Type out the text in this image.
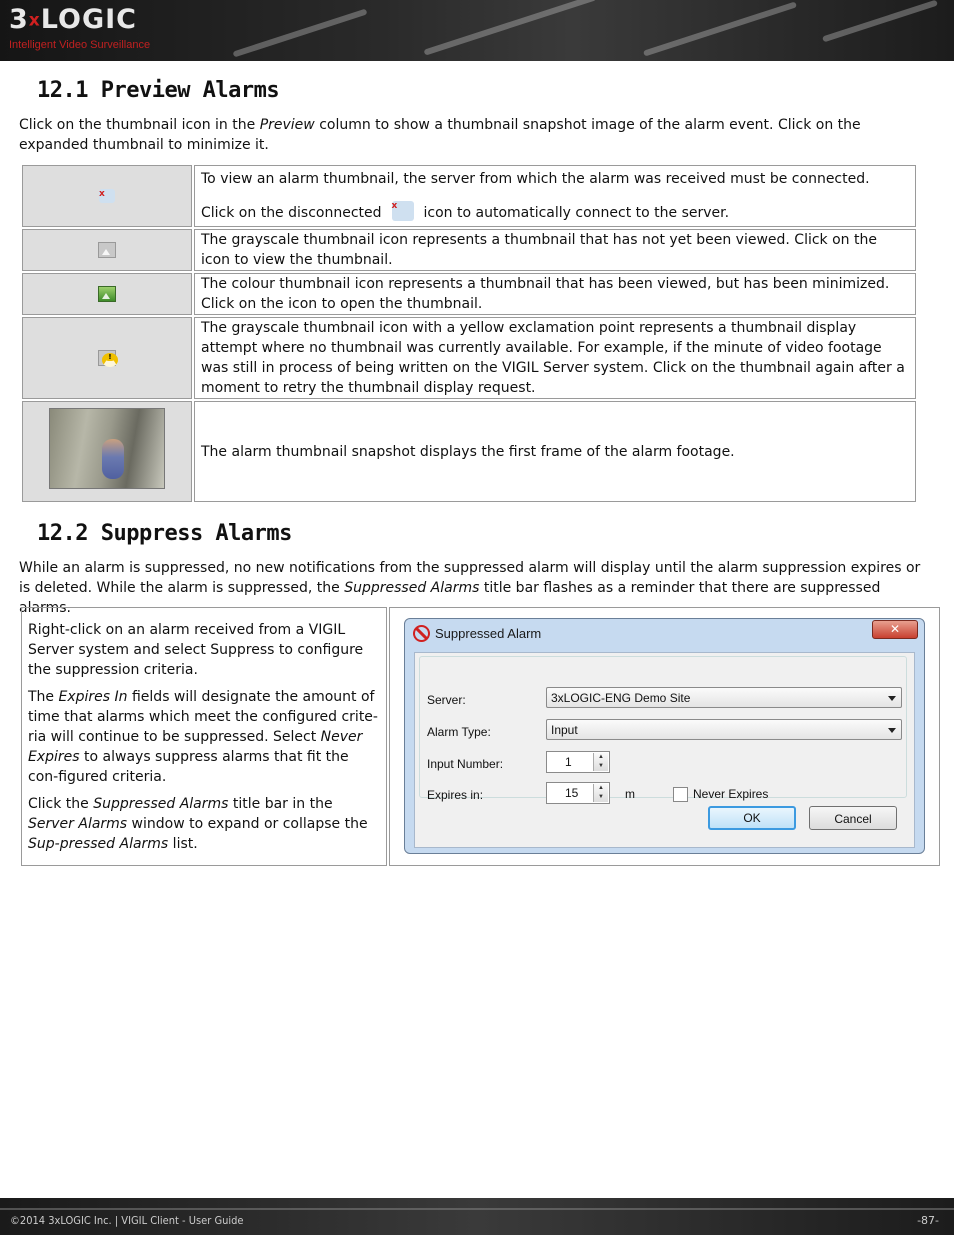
3xLOGIC
Intelligent Video Surveillance
12.1 Preview Alarms

Click on the thumbnail icon in the Preview column to show a thumbnail snapshot image of the alarm event. Click on the expanded thumbnail to minimize it.

x	
To view an alarm thumbnail, the server from which the alarm was received must be connected.
Click on the disconnected x icon to automatically connect to the server.

	The grayscale thumbnail icon represents a thumbnail that has not yet been viewed. Click on the icon to view the thumbnail.
	The colour thumbnail icon represents a thumbnail that has been viewed, but has been minimized. Click on the icon to open the thumbnail.
!	The grayscale thumbnail icon with a yellow exclamation point represents a thumbnail display attempt where no thumbnail was currently available. For example, if the minute of video footage was still in process of being written on the VIGIL Server system. Click on the thumbnail again after a moment to retry the thumbnail display request.

	The alarm thumbnail snapshot displays the first frame of the alarm footage.
12.2 Suppress Alarms

While an alarm is suppressed, no new notifications from the suppressed alarm will display until the alarm suppression expires or is deleted. While the alarm is suppressed, the Suppressed Alarms title bar flashes as a reminder that there are suppressed alarms.

Right-click on an alarm received from a VIGIL Server system and select Suppress to configure the suppression criteria.

The Expires In fields will designate the amount of time that alarms which meet the configured crite-ria will continue to be suppressed. Select Never Expires to always suppress alarms that fit the con-figured criteria.

Click the Suppressed Alarms title bar in the Server Alarms window to expand or collapse the Sup-pressed Alarms list.

Suppressed Alarm	✕
Server:	3xLOGIC-ENG Demo Site
Alarm Type:	Input
Input Number:	1	▲
▼
Expires in:	15	▲
▼	m	Never Expires
OK	Cancel
©2014 3xLOGIC Inc. | VIGIL Client - User Guide	-87-
